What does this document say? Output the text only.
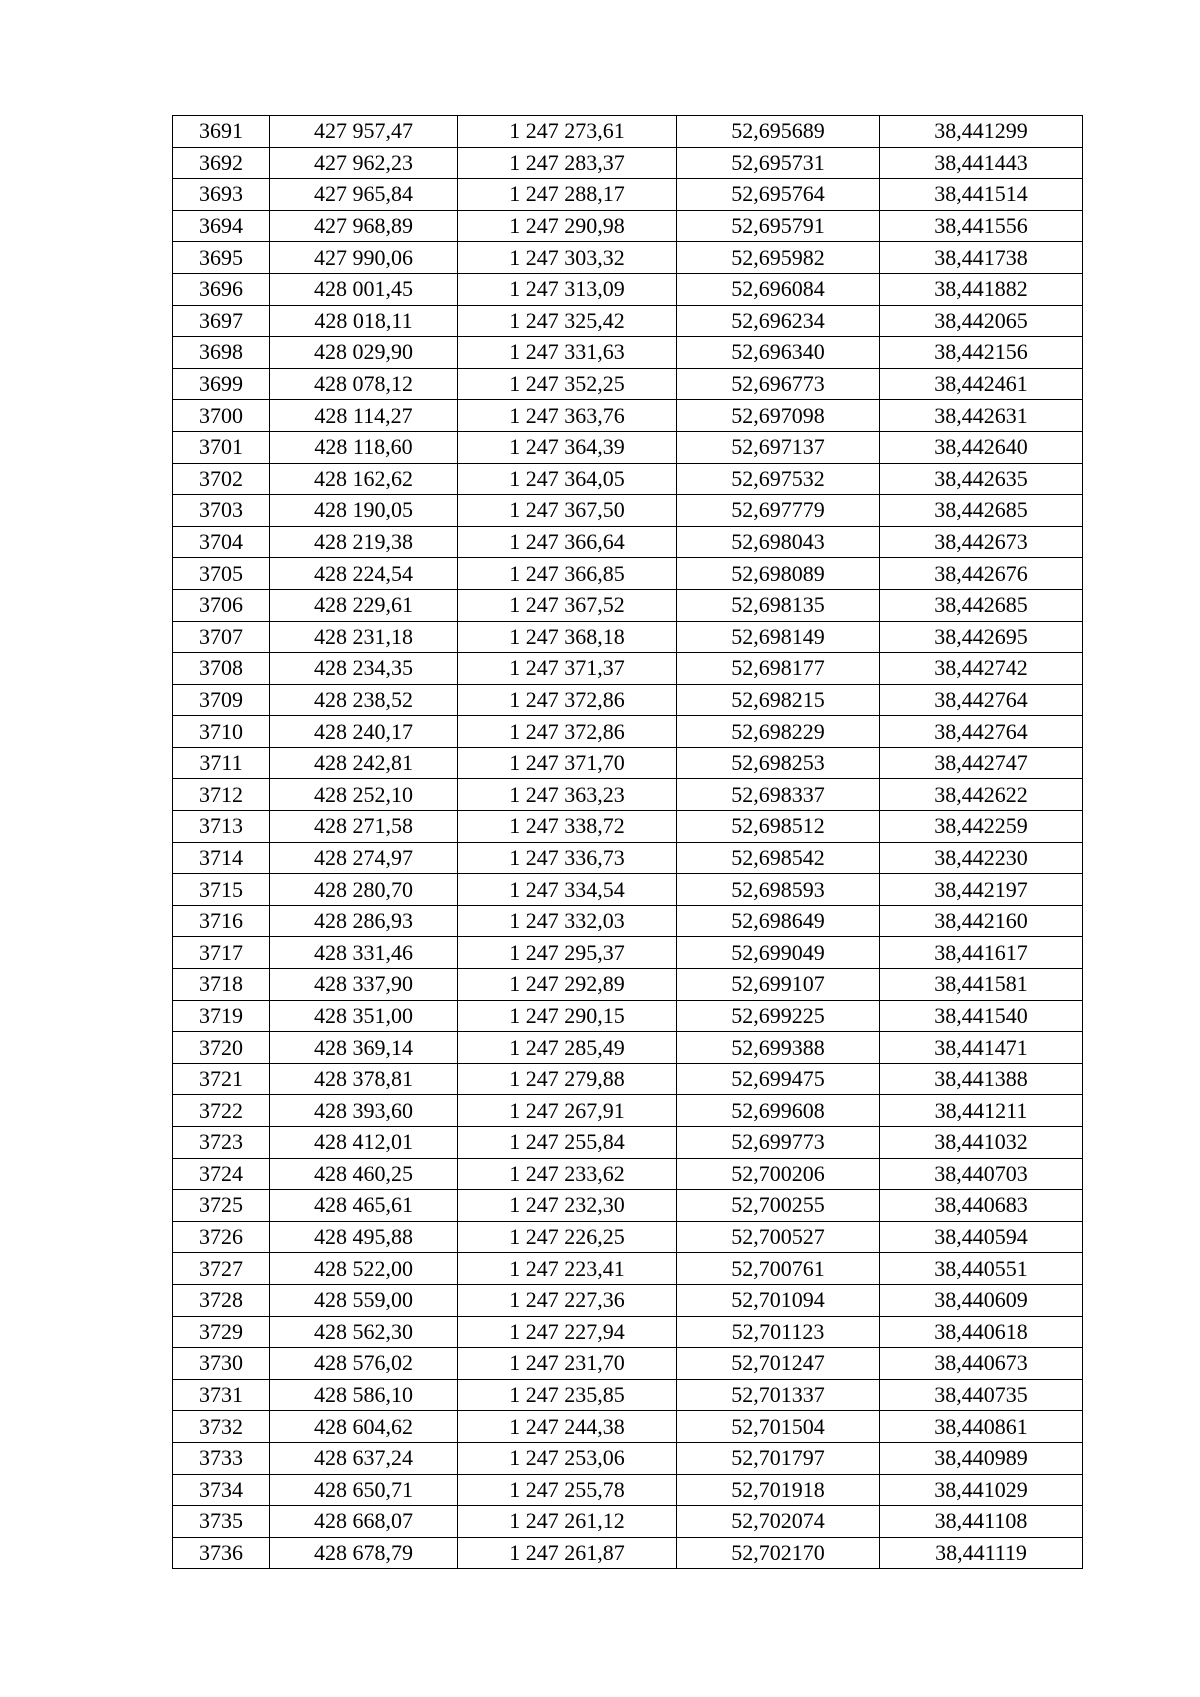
3691	427 957,47	1 247 273,61	52,695689	38,441299
3692	427 962,23	1 247 283,37	52,695731	38,441443
3693	427 965,84	1 247 288,17	52,695764	38,441514
3694	427 968,89	1 247 290,98	52,695791	38,441556
3695	427 990,06	1 247 303,32	52,695982	38,441738
3696	428 001,45	1 247 313,09	52,696084	38,441882
3697	428 018,11	1 247 325,42	52,696234	38,442065
3698	428 029,90	1 247 331,63	52,696340	38,442156
3699	428 078,12	1 247 352,25	52,696773	38,442461
3700	428 114,27	1 247 363,76	52,697098	38,442631
3701	428 118,60	1 247 364,39	52,697137	38,442640
3702	428 162,62	1 247 364,05	52,697532	38,442635
3703	428 190,05	1 247 367,50	52,697779	38,442685
3704	428 219,38	1 247 366,64	52,698043	38,442673
3705	428 224,54	1 247 366,85	52,698089	38,442676
3706	428 229,61	1 247 367,52	52,698135	38,442685
3707	428 231,18	1 247 368,18	52,698149	38,442695
3708	428 234,35	1 247 371,37	52,698177	38,442742
3709	428 238,52	1 247 372,86	52,698215	38,442764
3710	428 240,17	1 247 372,86	52,698229	38,442764
3711	428 242,81	1 247 371,70	52,698253	38,442747
3712	428 252,10	1 247 363,23	52,698337	38,442622
3713	428 271,58	1 247 338,72	52,698512	38,442259
3714	428 274,97	1 247 336,73	52,698542	38,442230
3715	428 280,70	1 247 334,54	52,698593	38,442197
3716	428 286,93	1 247 332,03	52,698649	38,442160
3717	428 331,46	1 247 295,37	52,699049	38,441617
3718	428 337,90	1 247 292,89	52,699107	38,441581
3719	428 351,00	1 247 290,15	52,699225	38,441540
3720	428 369,14	1 247 285,49	52,699388	38,441471
3721	428 378,81	1 247 279,88	52,699475	38,441388
3722	428 393,60	1 247 267,91	52,699608	38,441211
3723	428 412,01	1 247 255,84	52,699773	38,441032
3724	428 460,25	1 247 233,62	52,700206	38,440703
3725	428 465,61	1 247 232,30	52,700255	38,440683
3726	428 495,88	1 247 226,25	52,700527	38,440594
3727	428 522,00	1 247 223,41	52,700761	38,440551
3728	428 559,00	1 247 227,36	52,701094	38,440609
3729	428 562,30	1 247 227,94	52,701123	38,440618
3730	428 576,02	1 247 231,70	52,701247	38,440673
3731	428 586,10	1 247 235,85	52,701337	38,440735
3732	428 604,62	1 247 244,38	52,701504	38,440861
3733	428 637,24	1 247 253,06	52,701797	38,440989
3734	428 650,71	1 247 255,78	52,701918	38,441029
3735	428 668,07	1 247 261,12	52,702074	38,441108
3736	428 678,79	1 247 261,87	52,702170	38,441119
